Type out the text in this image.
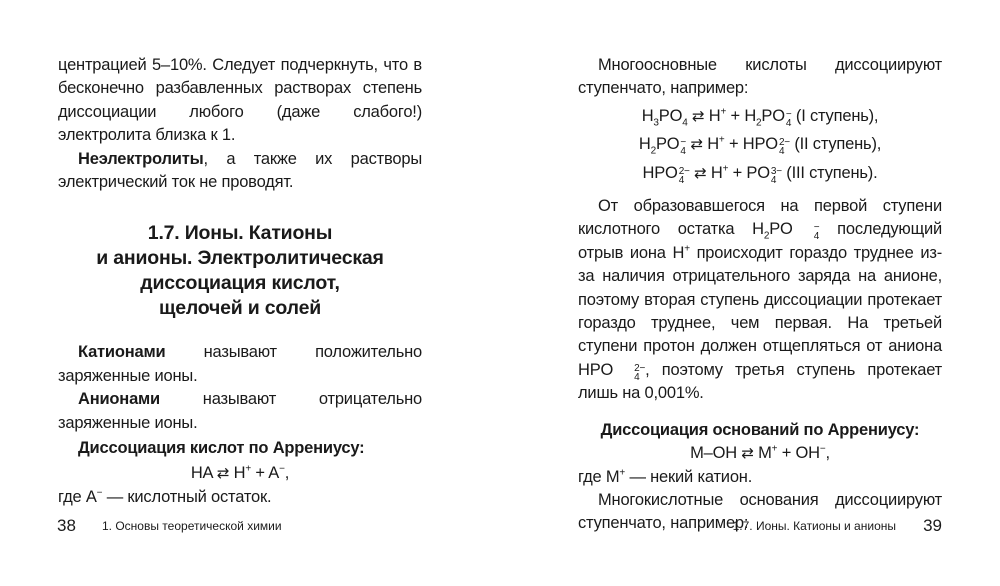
центрацией 5–10%. Следует подчеркнуть, что в бесконечно разбавленных растворах степень диссоциации любого (даже слабого!) электролита близка к 1.

Неэлектролиты, а также их растворы электрический ток не проводят.

1.7. Ионы. Катионы
и анионы. Электролитическая
диссоциация кислот,
щелочей и солей

Катионами называют положительно заряженные ионы.

Анионами называют отрицательно заряженные ионы.

Диссоциация кислот по Аррениусу:

HA ⇄ H+ + A−,

где A− — кислотный остаток.

38 1. Основы теоретической химии

Многоосновные кислоты диссоциируют ступенчато, например:

$H_3PO_4$ ⇄ $H^+ + H_2PO$ −
4 (I ступень),

$H_2PO$ −
4 ⇄ H+ + HPO 2−
4 (II ступень),

HPO 2−
4 ⇄ H+ + PO 3−
4 (III ступень).

От образовавшегося на первой ступени кислотного остатка $H_2PO$	−
4 последующий отрыв иона H+ происходит гораздо труднее из-за наличия отрицательного заряда на анионе, поэтому вторая ступень диссоциации протекает гораздо труднее, чем первая. На третьей ступени протон должен отщепляться от аниона HPO	2−
4 , поэтому третья ступень протекает лишь на 0,001%.

Диссоциация оснований по Аррениусу:

M–OH ⇄ M+ + OH−,

где M+ — некий катион.

Многокислотные основания диссоциируют ступенчато, например:

1.7. Ионы. Катионы и анионы 39
